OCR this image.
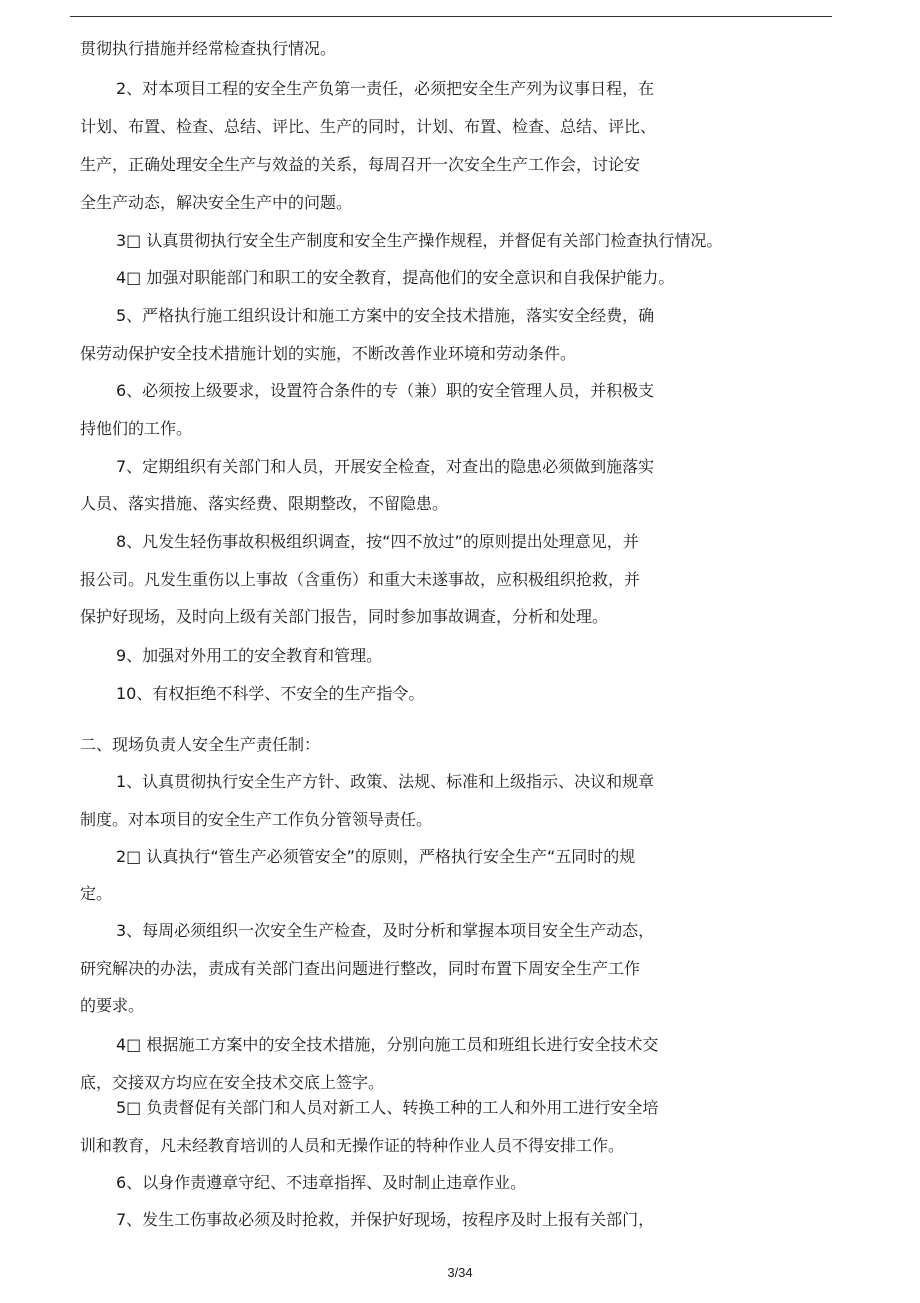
贯彻执行措施并经常检查执行情况。
2、对本项目工程的安全生产负第一责任，必须把安全生产列为议事日程，在
计划、布置、检查、总结、评比、生产的同时，计划、布置、检查、总结、评比、
生产，正确处理安全生产与效益的关系，每周召开一次安全生产工作会，讨论安
全生产动态，解决安全生产中的问题。
3□ 认真贯彻执行安全生产制度和安全生产操作规程，并督促有关部门检查执行情况。
4□ 加强对职能部门和职工的安全教育，提高他们的安全意识和自我保护能力。
5、严格执行施工组织设计和施工方案中的安全技术措施，落实安全经费，确
保劳动保护安全技术措施计划的实施，不断改善作业环境和劳动条件。
6、必须按上级要求，设置符合条件的专（兼）职的安全管理人员，并积极支
持他们的工作。
7、定期组织有关部门和人员，开展安全检查，对查出的隐患必须做到施落实
人员、落实措施、落实经费、限期整改，不留隐患。
8、凡发生轻伤事故积极组织调查，按“四不放过”的原则提出处理意见，并
报公司。凡发生重伤以上事故（含重伤）和重大未遂事故，应积极组织抢救，并
保护好现场，及时向上级有关部门报告，同时参加事故调查，分析和处理。
9、加强对外用工的安全教育和管理。
10、有权拒绝不科学、不安全的生产指令。
二、现场负责人安全生产责任制：
1、认真贯彻执行安全生产方针、政策、法规、标准和上级指示、决议和规章
制度。对本项目的安全生产工作负分管领导责任。
2□ 认真执行“管生产必须管安全”的原则，严格执行安全生产“五同时的规
定。
3、每周必须组织一次安全生产检查，及时分析和掌握本项目安全生产动态，
研究解决的办法，责成有关部门查出问题进行整改，同时布置下周安全生产工作
的要求。
4□ 根据施工方案中的安全技术措施，分别向施工员和班组长进行安全技术交
底，交接双方均应在安全技术交底上签字。
5□ 负责督促有关部门和人员对新工人、转换工种的工人和外用工进行安全培
训和教育，凡未经教育培训的人员和无操作证的特种作业人员不得安排工作。
6、以身作责遵章守纪、不违章指挥、及时制止违章作业。
7、发生工伤事故必须及时抢救，并保护好现场，按程序及时上报有关部门，
3/34
